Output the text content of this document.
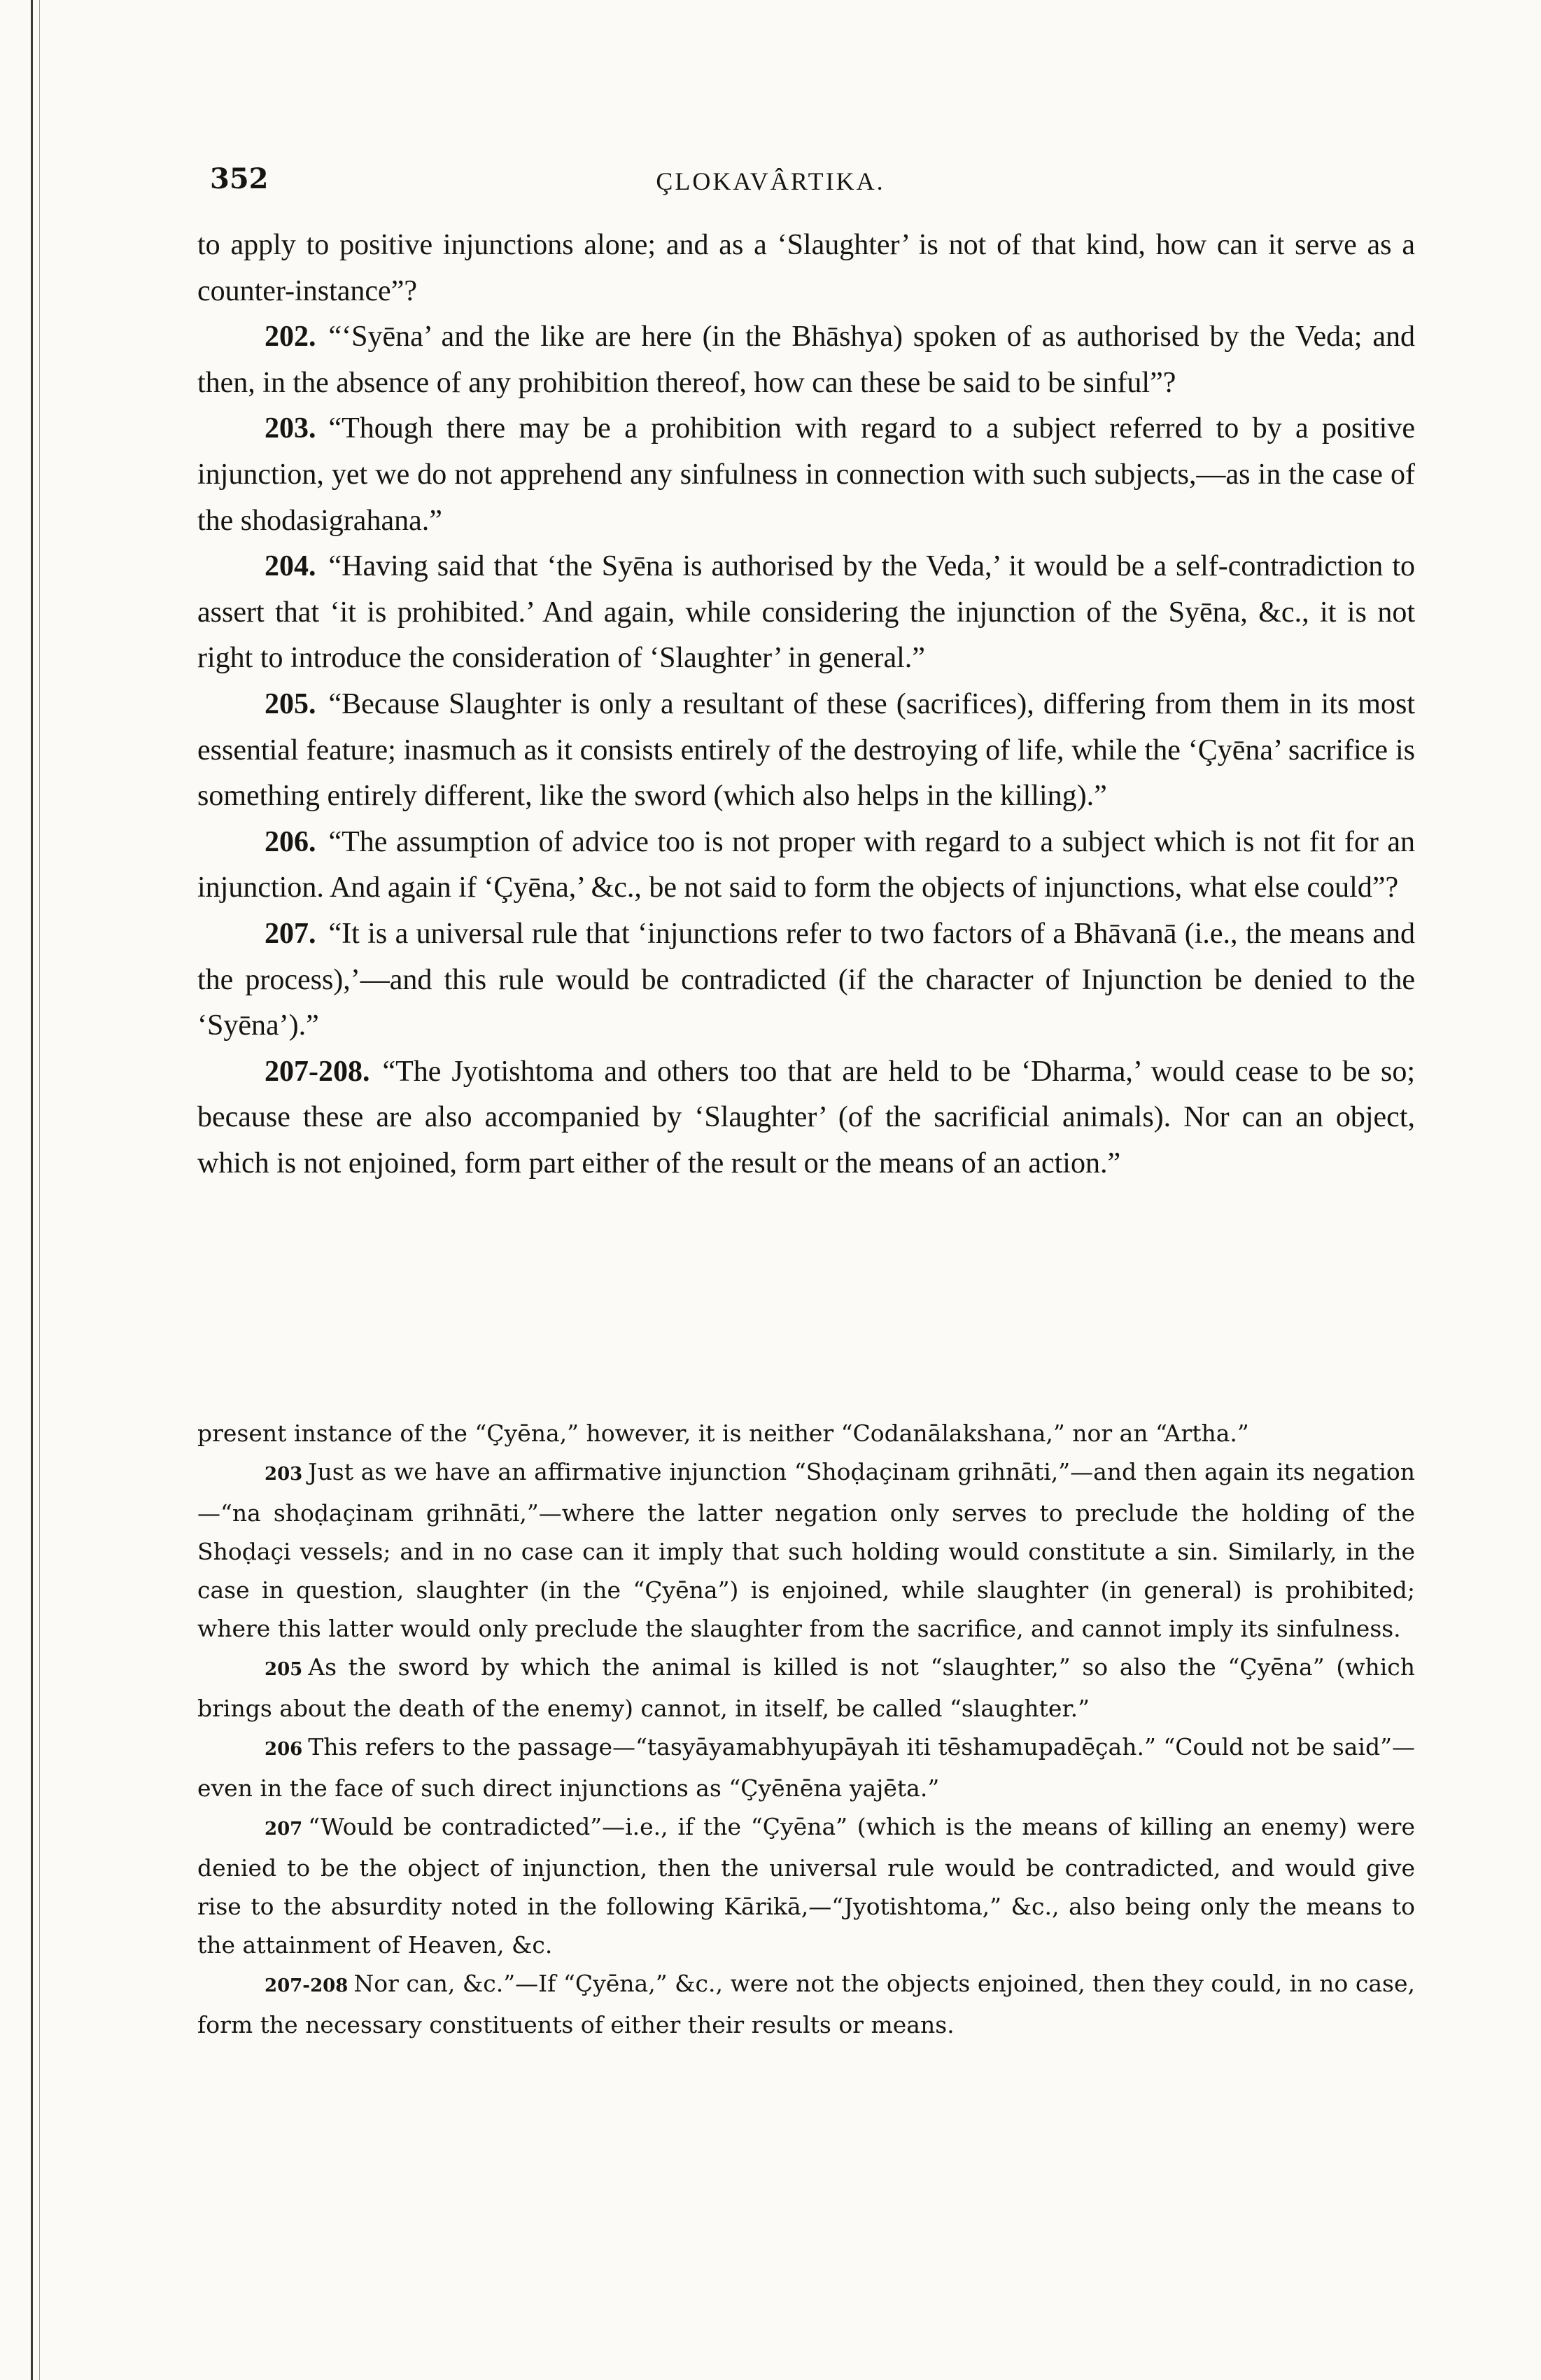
352	ÇLOKAVÂRTIKA.

to apply to positive injunctions alone; and as a ‘Slaughter’ is not of that kind, how can it serve as a counter-instance”?

202. “‘Syēna’ and the like are here (in the Bhāshya) spoken of as authorised by the Veda; and then, in the absence of any prohibition thereof, how can these be said to be sinful”?

203. “Though there may be a prohibition with regard to a subject referred to by a positive injunction, yet we do not apprehend any sinfulness in connection with such subjects,—as in the case of the shodasigrahana.”

204. “Having said that ‘the Syēna is authorised by the Veda,’ it would be a self-contradiction to assert that ‘it is prohibited.’ And again, while considering the injunction of the Syēna, &c., it is not right to introduce the consideration of ‘Slaughter’ in general.”

205. “Because Slaughter is only a resultant of these (sacrifices), differing from them in its most essential feature; inasmuch as it consists entirely of the destroying of life, while the ‘Çyēna’ sacrifice is something entirely different, like the sword (which also helps in the killing).”

206. “The assumption of advice too is not proper with regard to a subject which is not fit for an injunction. And again if ‘Çyēna,’ &c., be not said to form the objects of injunctions, what else could”?

207. “It is a universal rule that ‘injunctions refer to two factors of a Bhāvanā (i.e., the means and the process),’—and this rule would be contradicted (if the character of Injunction be denied to the ‘Syēna’).”

207-208. “The Jyotishtoma and others too that are held to be ‘Dharma,’ would cease to be so; because these are also accompanied by ‘Slaughter’ (of the sacrificial animals). Nor can an object, which is not enjoined, form part either of the result or the means of an action.”

present instance of the “Çyēna,” however, it is neither “Codanālakshana,” nor an “Artha.”

203 Just as we have an affirmative injunction “Shoḍaçinam grihnāti,”—and then again its negation—“na shoḍaçinam grihnāti,”—where the latter negation only serves to preclude the holding of the Shoḍaçi vessels; and in no case can it imply that such holding would constitute a sin. Similarly, in the case in question, slaughter (in the “Çyēna”) is enjoined, while slaughter (in general) is prohibited; where this latter would only preclude the slaughter from the sacrifice, and cannot imply its sinfulness.

205 As the sword by which the animal is killed is not “slaughter,” so also the “Çyēna” (which brings about the death of the enemy) cannot, in itself, be called “slaughter.”

206 This refers to the passage—“tasyāyamabhyupāyah iti tēshamupadēçah.” “Could not be said”—even in the face of such direct injunctions as “Çyēnēna yajēta.”

207 “Would be contradicted”—i.e., if the “Çyēna” (which is the means of killing an enemy) were denied to be the object of injunction, then the universal rule would be contradicted, and would give rise to the absurdity noted in the following Kārikā,—“Jyotishtoma,” &c., also being only the means to the attainment of Heaven, &c.

207-208 Nor can, &c.”—If “Çyēna,” &c., were not the objects enjoined, then they could, in no case, form the necessary constituents of either their results or means.
